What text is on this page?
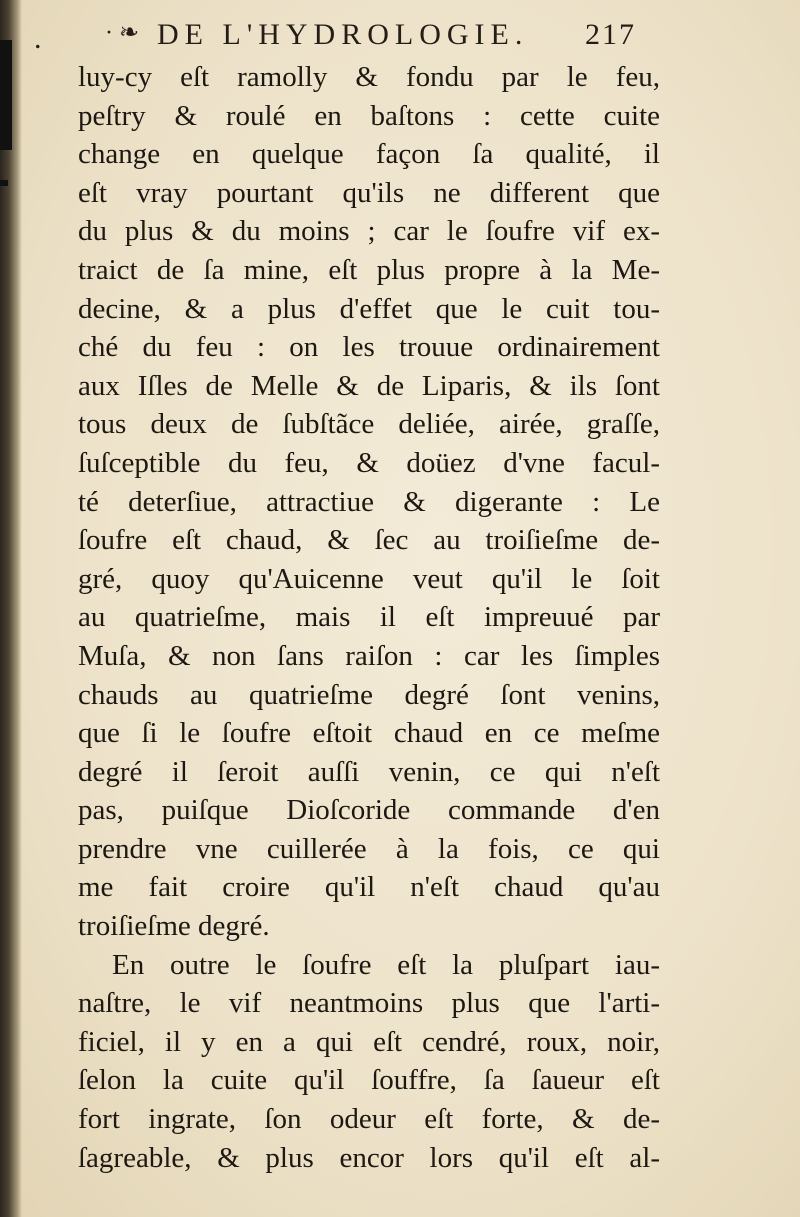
.	·❧ DE L'HYDROLOGIE. 217
luy-cy eſt ramolly & fondu par le feu,
peſtry & roulé en baſtons : cette cuite
change en quelque façon ſa qualité, il
eſt vray pourtant qu'ils ne different que
du plus & du moins ; car le ſoufre vif ex-
traict de ſa mine, eſt plus propre à la Me-
decine, & a plus d'effet que le cuit tou-
ché du feu : on les trouue ordinairement
aux Iſles de Melle & de Liparis, & ils ſont
tous deux de ſubſtãce deliée, airée, graſſe,
ſuſceptible du feu, & doüez d'vne facul-
té deterſiue, attractiue & digerante : Le
ſoufre eſt chaud, & ſec au troiſieſme de-
gré, quoy qu'Auicenne veut qu'il le ſoit
au quatrieſme, mais il eſt impreuué par
Muſa, & non ſans raiſon : car les ſimples
chauds au quatrieſme degré ſont venins,
que ſi le ſoufre eſtoit chaud en ce meſme
degré il ſeroit auſſi venin, ce qui n'eſt
pas, puiſque Dioſcoride commande d'en
prendre vne cuillerée à la fois, ce qui
me fait croire qu'il n'eſt chaud qu'au
troiſieſme degré.
En outre le ſoufre eſt la pluſpart iau-
naſtre, le vif neantmoins plus que l'arti-
ficiel, il y en a qui eſt cendré, roux, noir,
ſelon la cuite qu'il ſouffre, ſa ſaueur eſt
fort ingrate, ſon odeur eſt forte, & de-
ſagreable, & plus encor lors qu'il eſt al-
